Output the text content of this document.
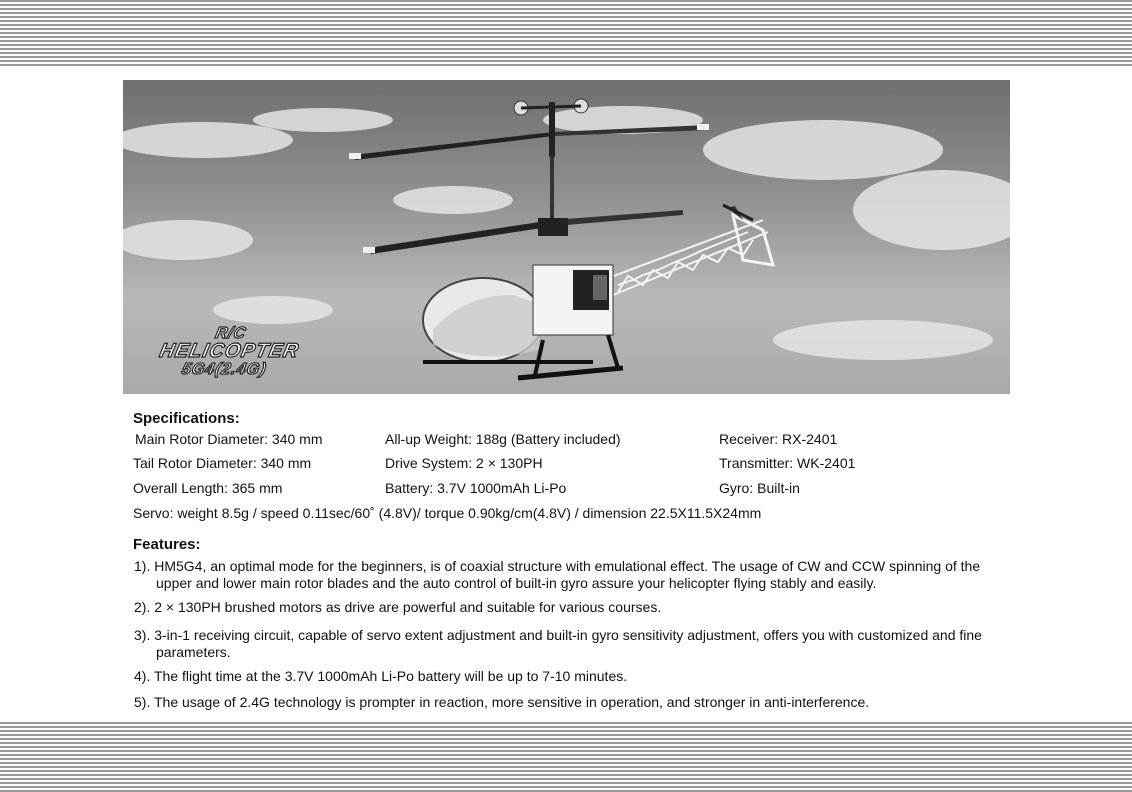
R/C
HELICOPTER
5G4(2.4G)
Specifications:
Main Rotor Diameter: 340 mm	All-up Weight: 188g (Battery included)	Receiver: RX-2401
Tail Rotor Diameter: 340 mm	Drive System: 2 × 130PH	Transmitter: WK-2401
Overall Length: 365 mm	Battery: 3.7V 1000mAh Li-Po	Gyro: Built-in
Servo: weight 8.5g / speed 0.11sec/60˚ (4.8V)/ torque 0.90kg/cm(4.8V) / dimension 22.5X11.5X24mm
Features:

1). HM5G4, an optimal mode for the beginners, is of coaxial structure with emulational effect. The usage of CW and CCW spinning of the upper and lower main rotor blades and the auto control of built-in gyro assure your helicopter flying stably and easily.

2). 2 × 130PH brushed motors as drive are powerful and suitable for various courses.

3). 3-in-1 receiving circuit, capable of servo extent adjustment and built-in gyro sensitivity adjustment, offers you with customized and fine parameters.

4). The flight time at the 3.7V 1000mAh Li-Po battery will be up to 7-10 minutes.

5). The usage of 2.4G technology is prompter in reaction, more sensitive in operation, and stronger in anti-interference.
